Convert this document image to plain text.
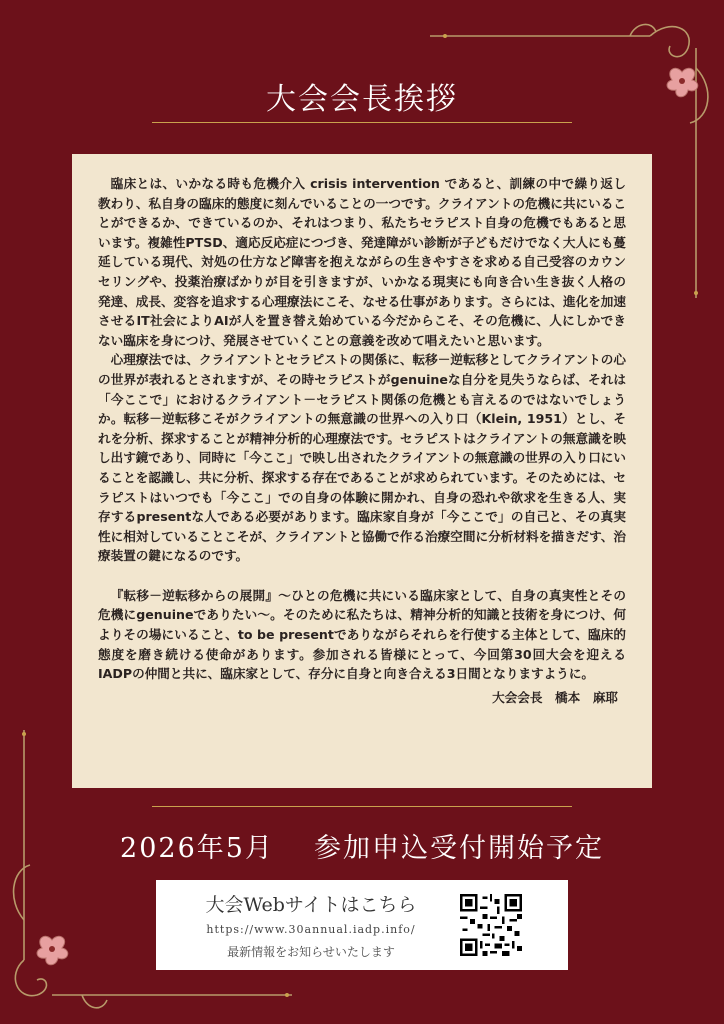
大会会長挨拶

臨床とは、いかなる時も危機介入 crisis intervention であると、訓練の中で繰り返し教わり、私自身の臨床的態度に刻んでいることの一つです。クライアントの危機に共にいることができるか、できているのか、それはつまり、私たちセラピスト自身の危機でもあると思います。複雑性PTSD、適応反応症につづき、発達障がい診断が子どもだけでなく大人にも蔓延している現代、対処の仕方など障害を抱えながらの生きやすさを求める自己受容のカウンセリングや、投薬治療ばかりが目を引きますが、いかなる現実にも向き合い生き抜く人格の発達、成長、変容を追求する心理療法にこそ、なせる仕事があります。さらには、進化を加速させるIT社会によりAIが人を置き替え始めている今だからこそ、その危機に、人にしかできない臨床を身につけ、発展させていくことの意義を改めて唱えたいと思います。

心理療法では、クライアントとセラピストの関係に、転移－逆転移としてクライアントの心の世界が表れるとされますが、その時セラピストがgenuineな自分を見失うならば、それは「今ここで」におけるクライアント－セラピスト関係の危機とも言えるのではないでしょうか。転移－逆転移こそがクライアントの無意識の世界への入り口（Klein, 1951）とし、それを分析、探求することが精神分析的心理療法です。セラピストはクライアントの無意識を映し出す鏡であり、同時に「今ここ」で映し出されたクライアントの無意識の世界の入り口にいることを認識し、共に分析、探求する存在であることが求められています。そのためには、セラピストはいつでも「今ここ」での自身の体験に開かれ、自身の恐れや欲求を生きる人、実存するpresentな人である必要があります。臨床家自身が「今ここで」の自己と、その真実性に相対していることこそが、クライアントと協働で作る治療空間に分析材料を描きだす、治療装置の鍵になるのです。

『転移－逆転移からの展開』～ひとの危機に共にいる臨床家として、自身の真実性とその危機にgenuineでありたい～。そのために私たちは、精神分析的知識と技術を身につけ、何よりその場にいること、to be presentでありながらそれらを行使する主体として、臨床的態度を磨き続ける使命があります。参加される皆様にとって、今回第30回大会を迎えるIADPの仲間と共に、臨床家として、存分に自身と向き合える3日間となりますように。

大会会長　橋本　麻耶
2026年5月 参加申込受付開始予定
大会Webサイトはこちら
https://www.30annual.iadp.info/
最新情報をお知らせいたします
